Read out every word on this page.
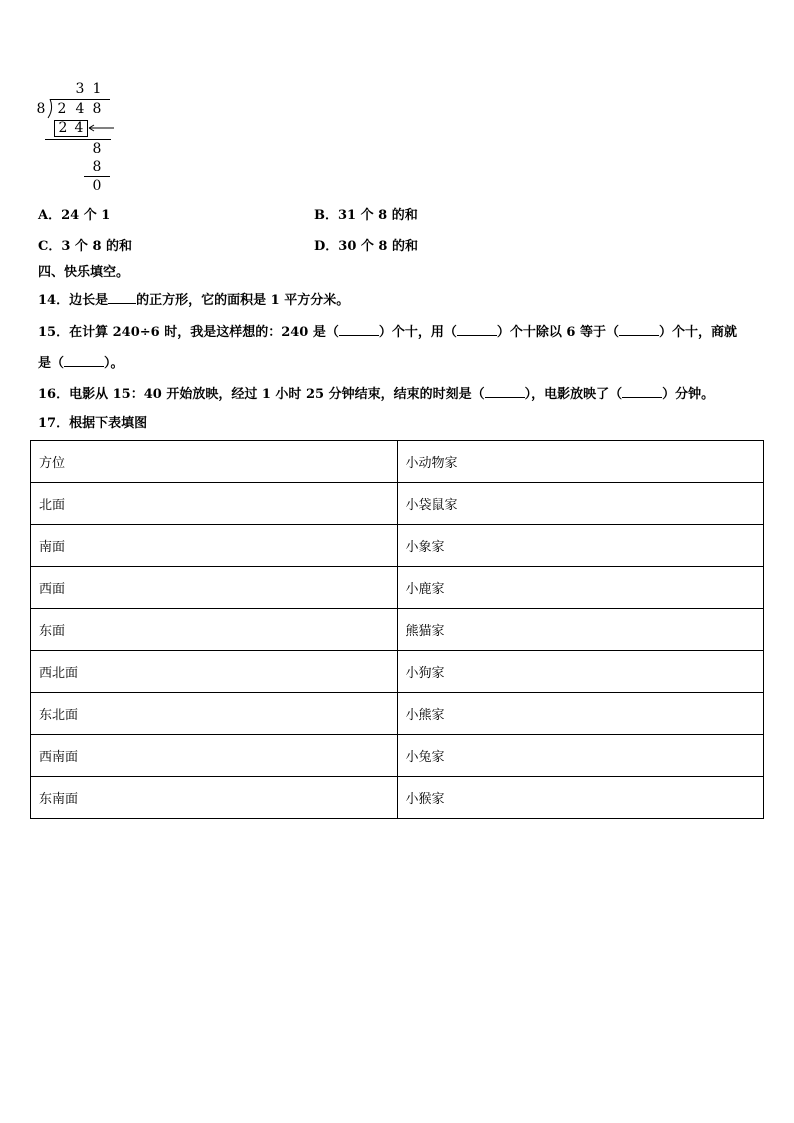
3 1
8 2 4 8
2 4
8
8
0
A．24 个 1	B．31 个 8 的和
C．3 个 8 的和	D．30 个 8 的和
四、快乐填空。
14．边长是 的正方形，它的面积是 1 平方分米。
15．在计算 240÷6 时，我是这样想的：240 是（	）个十，用（	）个十除以 6 等于（	）个十，商就
是（	）。
16．电影从 15：40 开始放映，经过 1 小时 25 分钟结束，结束的时刻是（	），电影放映了（	）分钟。
17．根据下表填图
方位	小动物家
北面	小袋鼠家
南面	小象家
西面	小鹿家
东面	熊猫家
西北面	小狗家
东北面	小熊家
西南面	小兔家
东南面	小猴家
